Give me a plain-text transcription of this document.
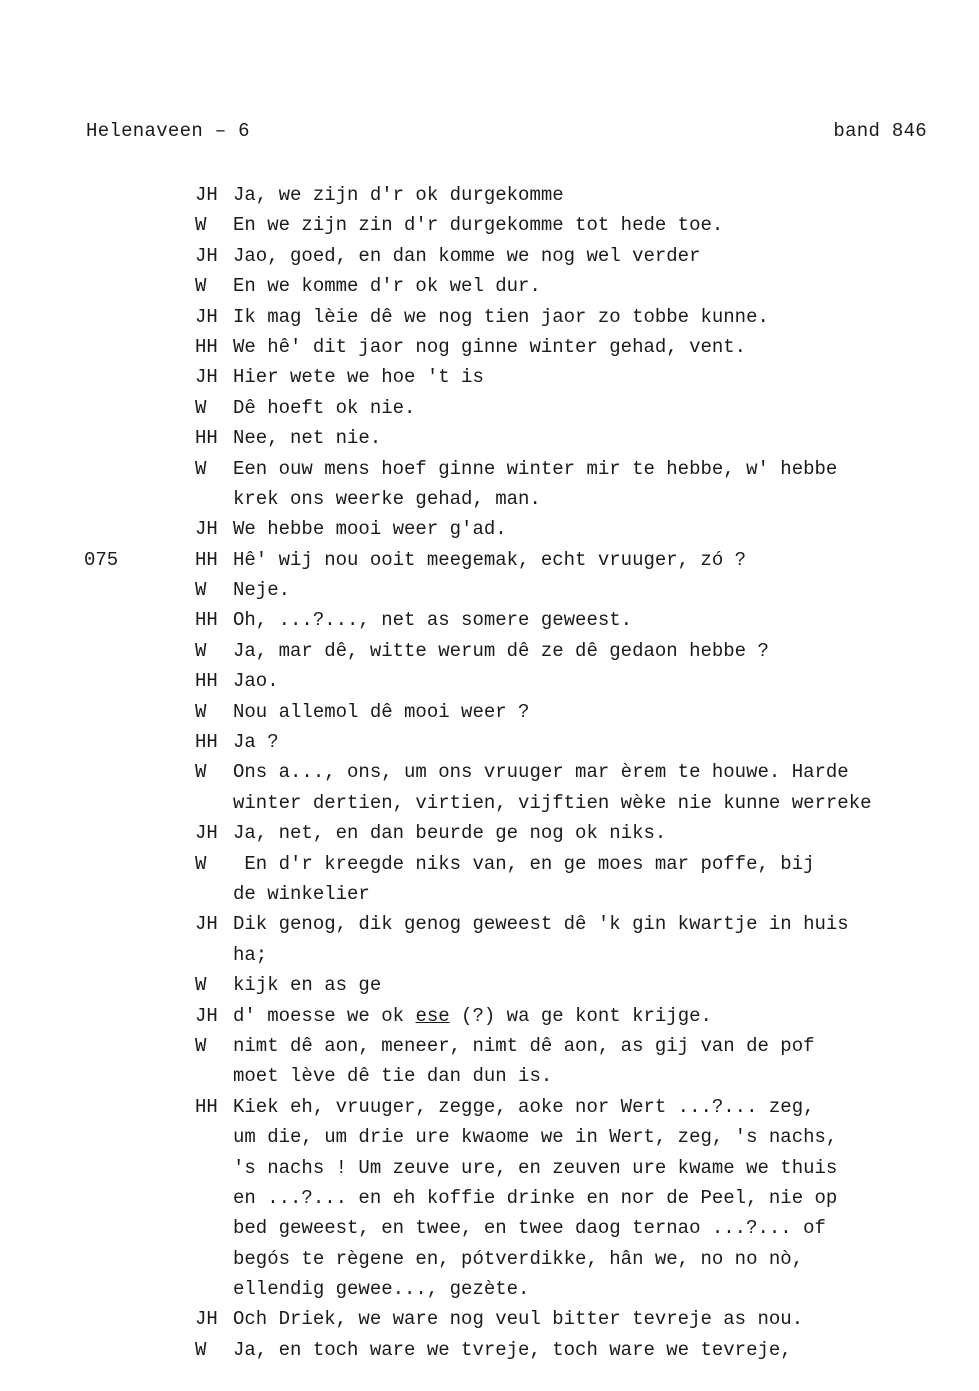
Helenaveen – 6	band 846
JH Ja, we zijn d'r ok durgekomme
W En we zijn zin d'r durgekomme tot hede toe.
JH Jao, goed, en dan komme we nog wel verder
W En we komme d'r ok wel dur.
JH Ik mag lèie dê we nog tien jaor zo tobbe kunne.
HH We hê' dit jaor nog ginne winter gehad, vent.
JH Hier wete we hoe 't is
W Dê hoeft ok nie.
HH Nee, net nie.
W Een ouw mens hoef ginne winter mir te hebbe, w' hebbe
krek ons weerke gehad, man.
JH We hebbe mooi weer g'ad.
075	HH Hê' wij nou ooit meegemak, echt vruuger, zó ?
W Neje.
HH Oh, ...?..., net as somere geweest.
W Ja, mar dê, witte werum dê ze dê gedaon hebbe ?
HH Jao.
W Nou allemol dê mooi weer ?
HH Ja ?
W Ons a..., ons, um ons vruuger mar èrem te houwe. Harde
winter dertien, virtien, vijftien wèke nie kunne werreke
JH Ja, net, en dan beurde ge nog ok niks.
W En d'r kreegde niks van, en ge moes mar poffe, bij
de winkelier
JH Dik genog, dik genog geweest dê 'k gin kwartje in huis
ha;
W kijk en as ge
JH d' moesse we ok ese (?) wa ge kont krijge.
W nimt dê aon, meneer, nimt dê aon, as gij van de pof
moet lève dê tie dan dun is.
HH Kiek eh, vruuger, zegge, aoke nor Wert ...?... zeg,
um die, um drie ure kwaome we in Wert, zeg, 's nachs,
's nachs ! Um zeuve ure, en zeuven ure kwame we thuis
en ...?... en eh koffie drinke en nor de Peel, nie op
bed geweest, en twee, en twee daog ternao ...?... of
begós te règene en, pótverdikke, hân we, no no nò,
ellendig gewee..., gezète.
JH Och Driek, we ware nog veul bitter tevreje as nou.
W Ja, en toch ware we tvreje, toch ware we tevreje,
